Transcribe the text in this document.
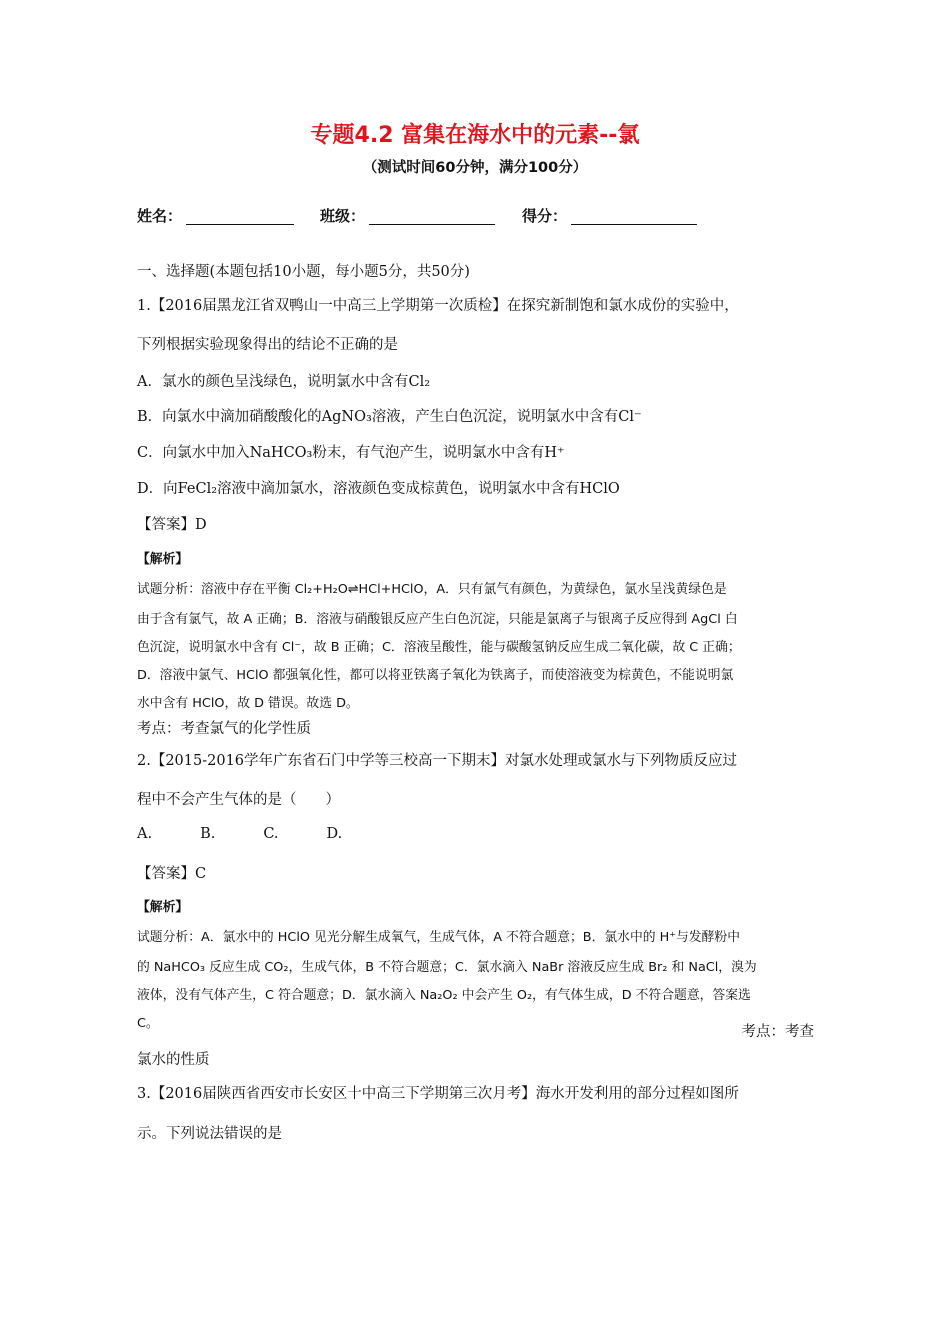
专题4.2 富集在海水中的元素--氯
（测试时间60分钟，满分100分）
姓名：	班级：	得分：
一、选择题(本题包括10小题，每小题5分，共50分)
1.【2016届黑龙江省双鸭山一中高三上学期第一次质检】在探究新制饱和氯水成份的实验中，
下列根据实验现象得出的结论不正确的是
A．氯水的颜色呈浅绿色，说明氯水中含有Cl₂
B．向氯水中滴加硝酸酸化的AgNO₃溶液，产生白色沉淀，说明氯水中含有Cl⁻
C．向氯水中加入NaHCO₃粉末，有气泡产生，说明氯水中含有H⁺
D．向FeCl₂溶液中滴加氯水，溶液颜色变成棕黄色，说明氯水中含有HClO
【答案】D
【解析】
试题分析：溶液中存在平衡 Cl₂+H₂O⇌HCl+HClO，A．只有氯气有颜色，为黄绿色，氯水呈浅黄绿色是
由于含有氯气，故 A 正确；B．溶液与硝酸银反应产生白色沉淀，只能是氯离子与银离子反应得到 AgCl 白
色沉淀，说明氯水中含有 Cl⁻，故 B 正确；C．溶液呈酸性，能与碳酸氢钠反应生成二氧化碳，故 C 正确；
D．溶液中氯气、HClO 都强氧化性，都可以将亚铁离子氧化为铁离子，而使溶液变为棕黄色，不能说明氯
水中含有 HClO，故 D 错误。故选 D。
考点：考查氯气的化学性质
2.【2015-2016学年广东省石门中学等三校高一下期末】对氯水处理或氯水与下列物质反应过
程中不会产生气体的是（　　）
A.	B.	C.	D.
【答案】C
【解析】
试题分析：A．氯水中的 HClO 见光分解生成氧气，生成气体，A 不符合题意；B．氯水中的 H⁺与发酵粉中
的 NaHCO₃ 反应生成 CO₂，生成气体，B 不符合题意；C．氯水滴入 NaBr 溶液反应生成 Br₂ 和 NaCl，溴为
液体，没有气体产生，C 符合题意；D．氯水滴入 Na₂O₂ 中会产生 O₂，有气体生成，D 不符合题意，答案选
C。
考点：考查
氯水的性质
3.【2016届陕西省西安市长安区十中高三下学期第三次月考】海水开发利用的部分过程如图所
示。下列说法错误的是
